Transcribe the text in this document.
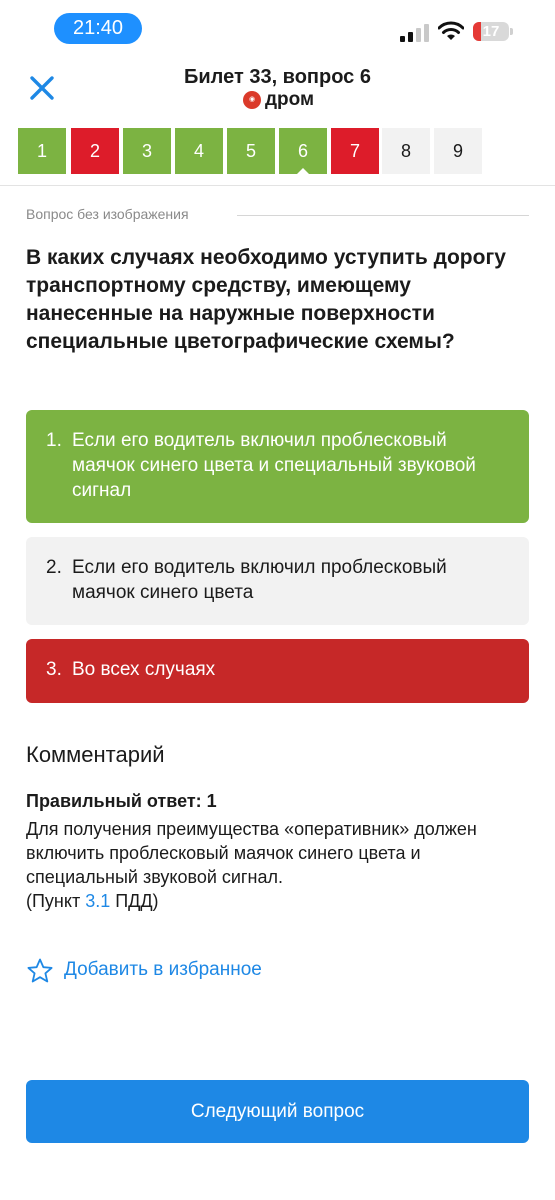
21:40	17
Билет 33, вопрос 6
◉ дром
1	2	3	4	5	6	7	8	9
Вопрос без изображения
В каких случаях необходимо уступить дорогу транспортному средству, имеющему нанесенные на наружные поверхности специальные цветографические схемы?
1. Если его водитель включил проблесковый маячок синего цвета и специальный звуковой сигнал
2. Если его водитель включил проблесковый маячок синего цвета
3. Во всех случаях
Комментарий
Правильный ответ: 1
Для получения преимущества «оперативник» должен включить проблесковый маячок синего цвета и специальный звуковой сигнал.
(Пункт 3.1 ПДД)
Добавить в избранное
Следующий вопрос
